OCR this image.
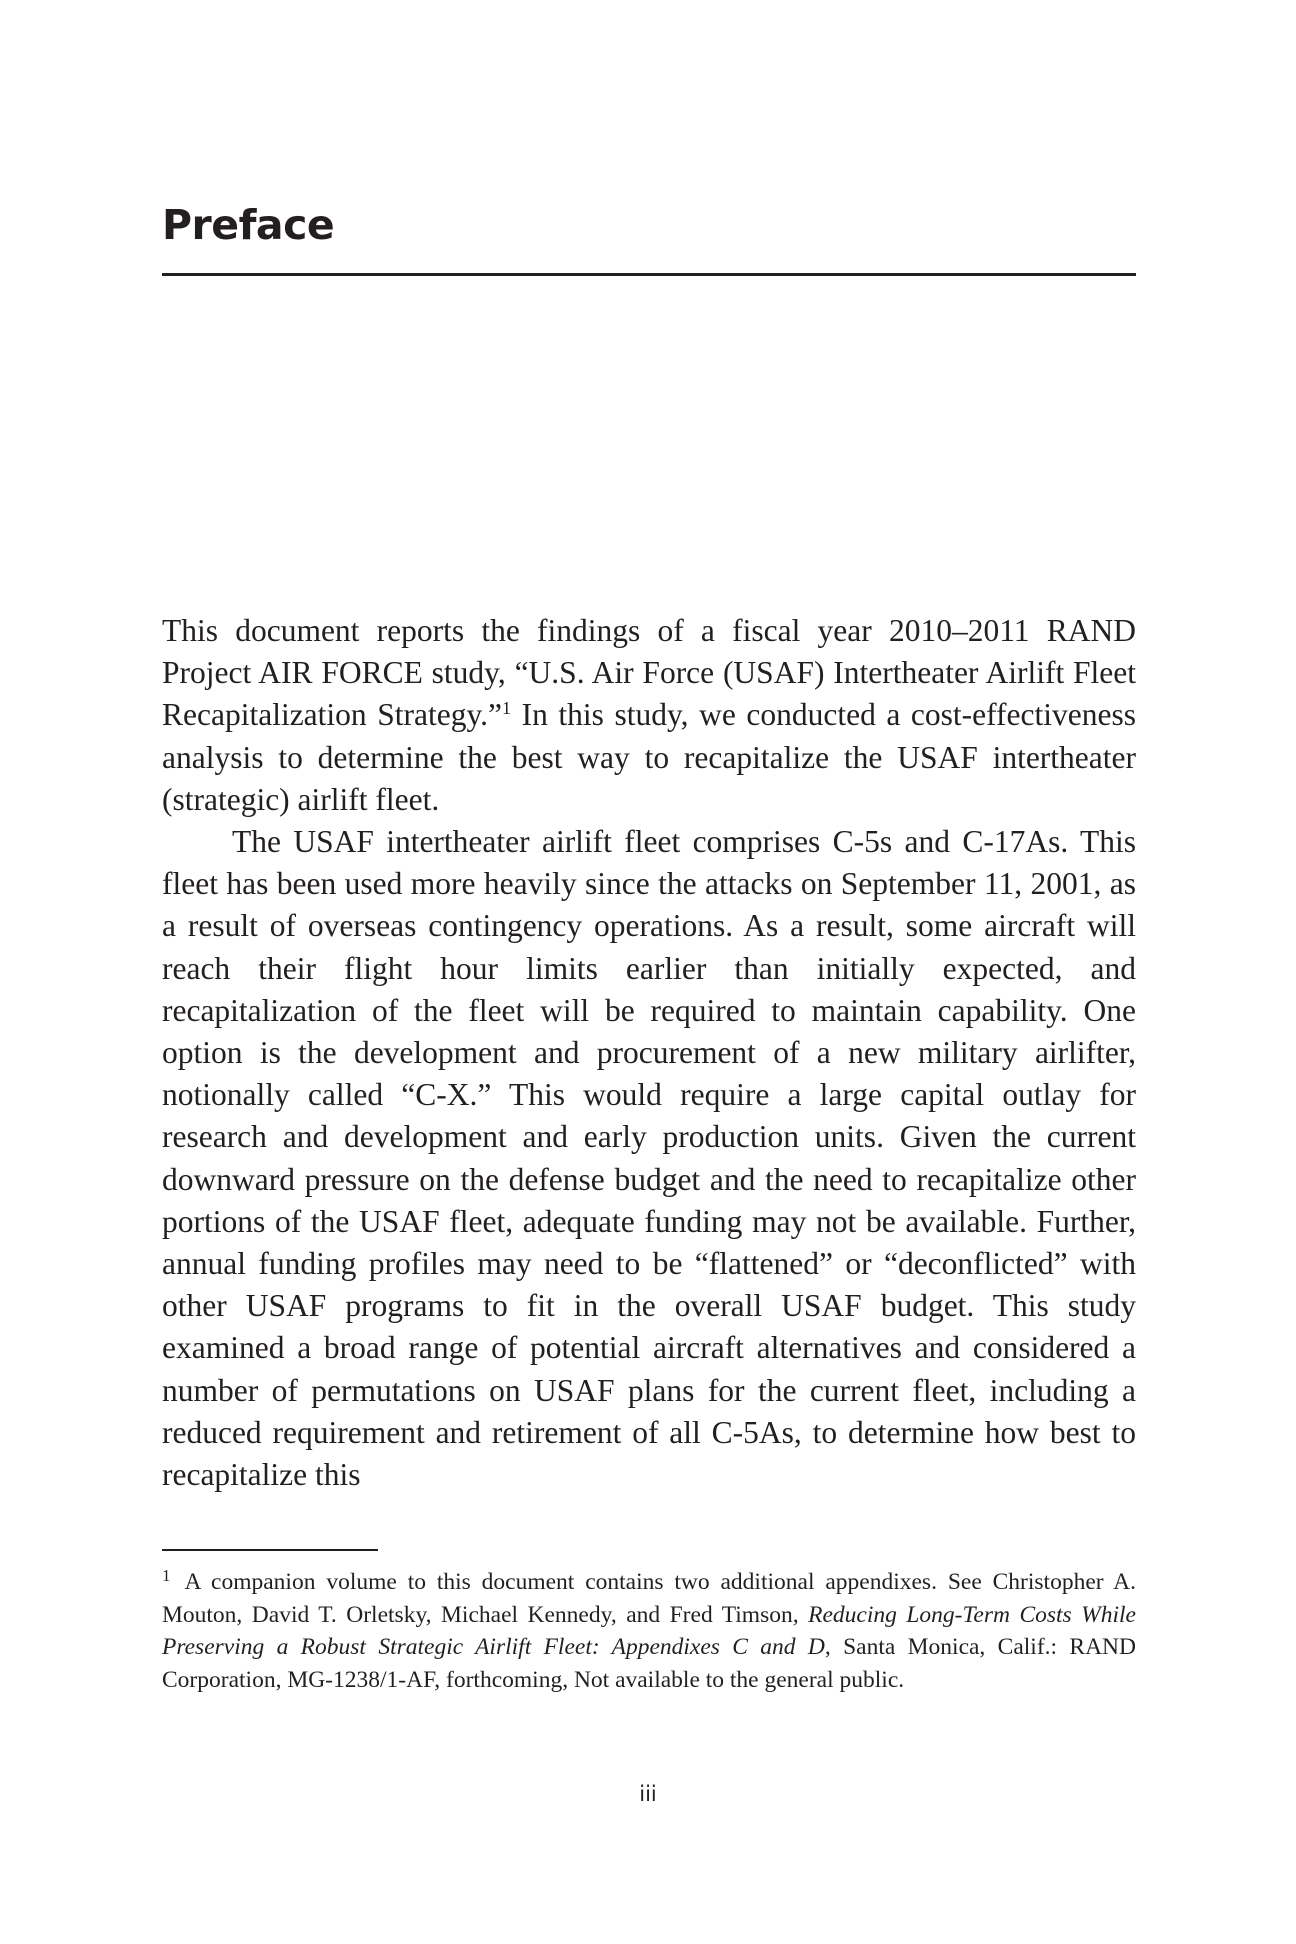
Preface

This document reports the findings of a fiscal year 2010–2011 RAND Project AIR FORCE study, “U.S. Air Force (USAF) Intertheater Airlift Fleet Recapitalization Strategy.”$^1$ In this study, we conducted a cost-effectiveness analysis to determine the best way to recapitalize the USAF intertheater (strategic) airlift fleet.

The USAF intertheater airlift fleet comprises C-5s and C-17As. This fleet has been used more heavily since the attacks on September 11, 2001, as a result of overseas contingency operations. As a result, some aircraft will reach their flight hour limits earlier than initially expected, and recapitalization of the fleet will be required to maintain capability. One option is the development and procurement of a new military airlifter, notionally called “C-X.” This would require a large capital outlay for research and development and early production units. Given the current downward pressure on the defense budget and the need to recapitalize other portions of the USAF fleet, adequate funding may not be available. Further, annual funding profiles may need to be “flattened” or “deconflicted” with other USAF programs to fit in the overall USAF budget. This study examined a broad range of potential aircraft alternatives and considered a number of permutations on USAF plans for the current fleet, including a reduced requirement and retirement of all C-5As, to determine how best to recapitalize this

$^1$ A companion volume to this document contains two additional appendixes. See Christopher A. Mouton, David T. Orletsky, Michael Kennedy, and Fred Timson, Reducing Long-Term Costs While Preserving a Robust Strategic Airlift Fleet: Appendixes C and D, Santa Monica, Calif.: RAND Corporation, MG-1238/1-AF, forthcoming, Not available to the general public.

iii
